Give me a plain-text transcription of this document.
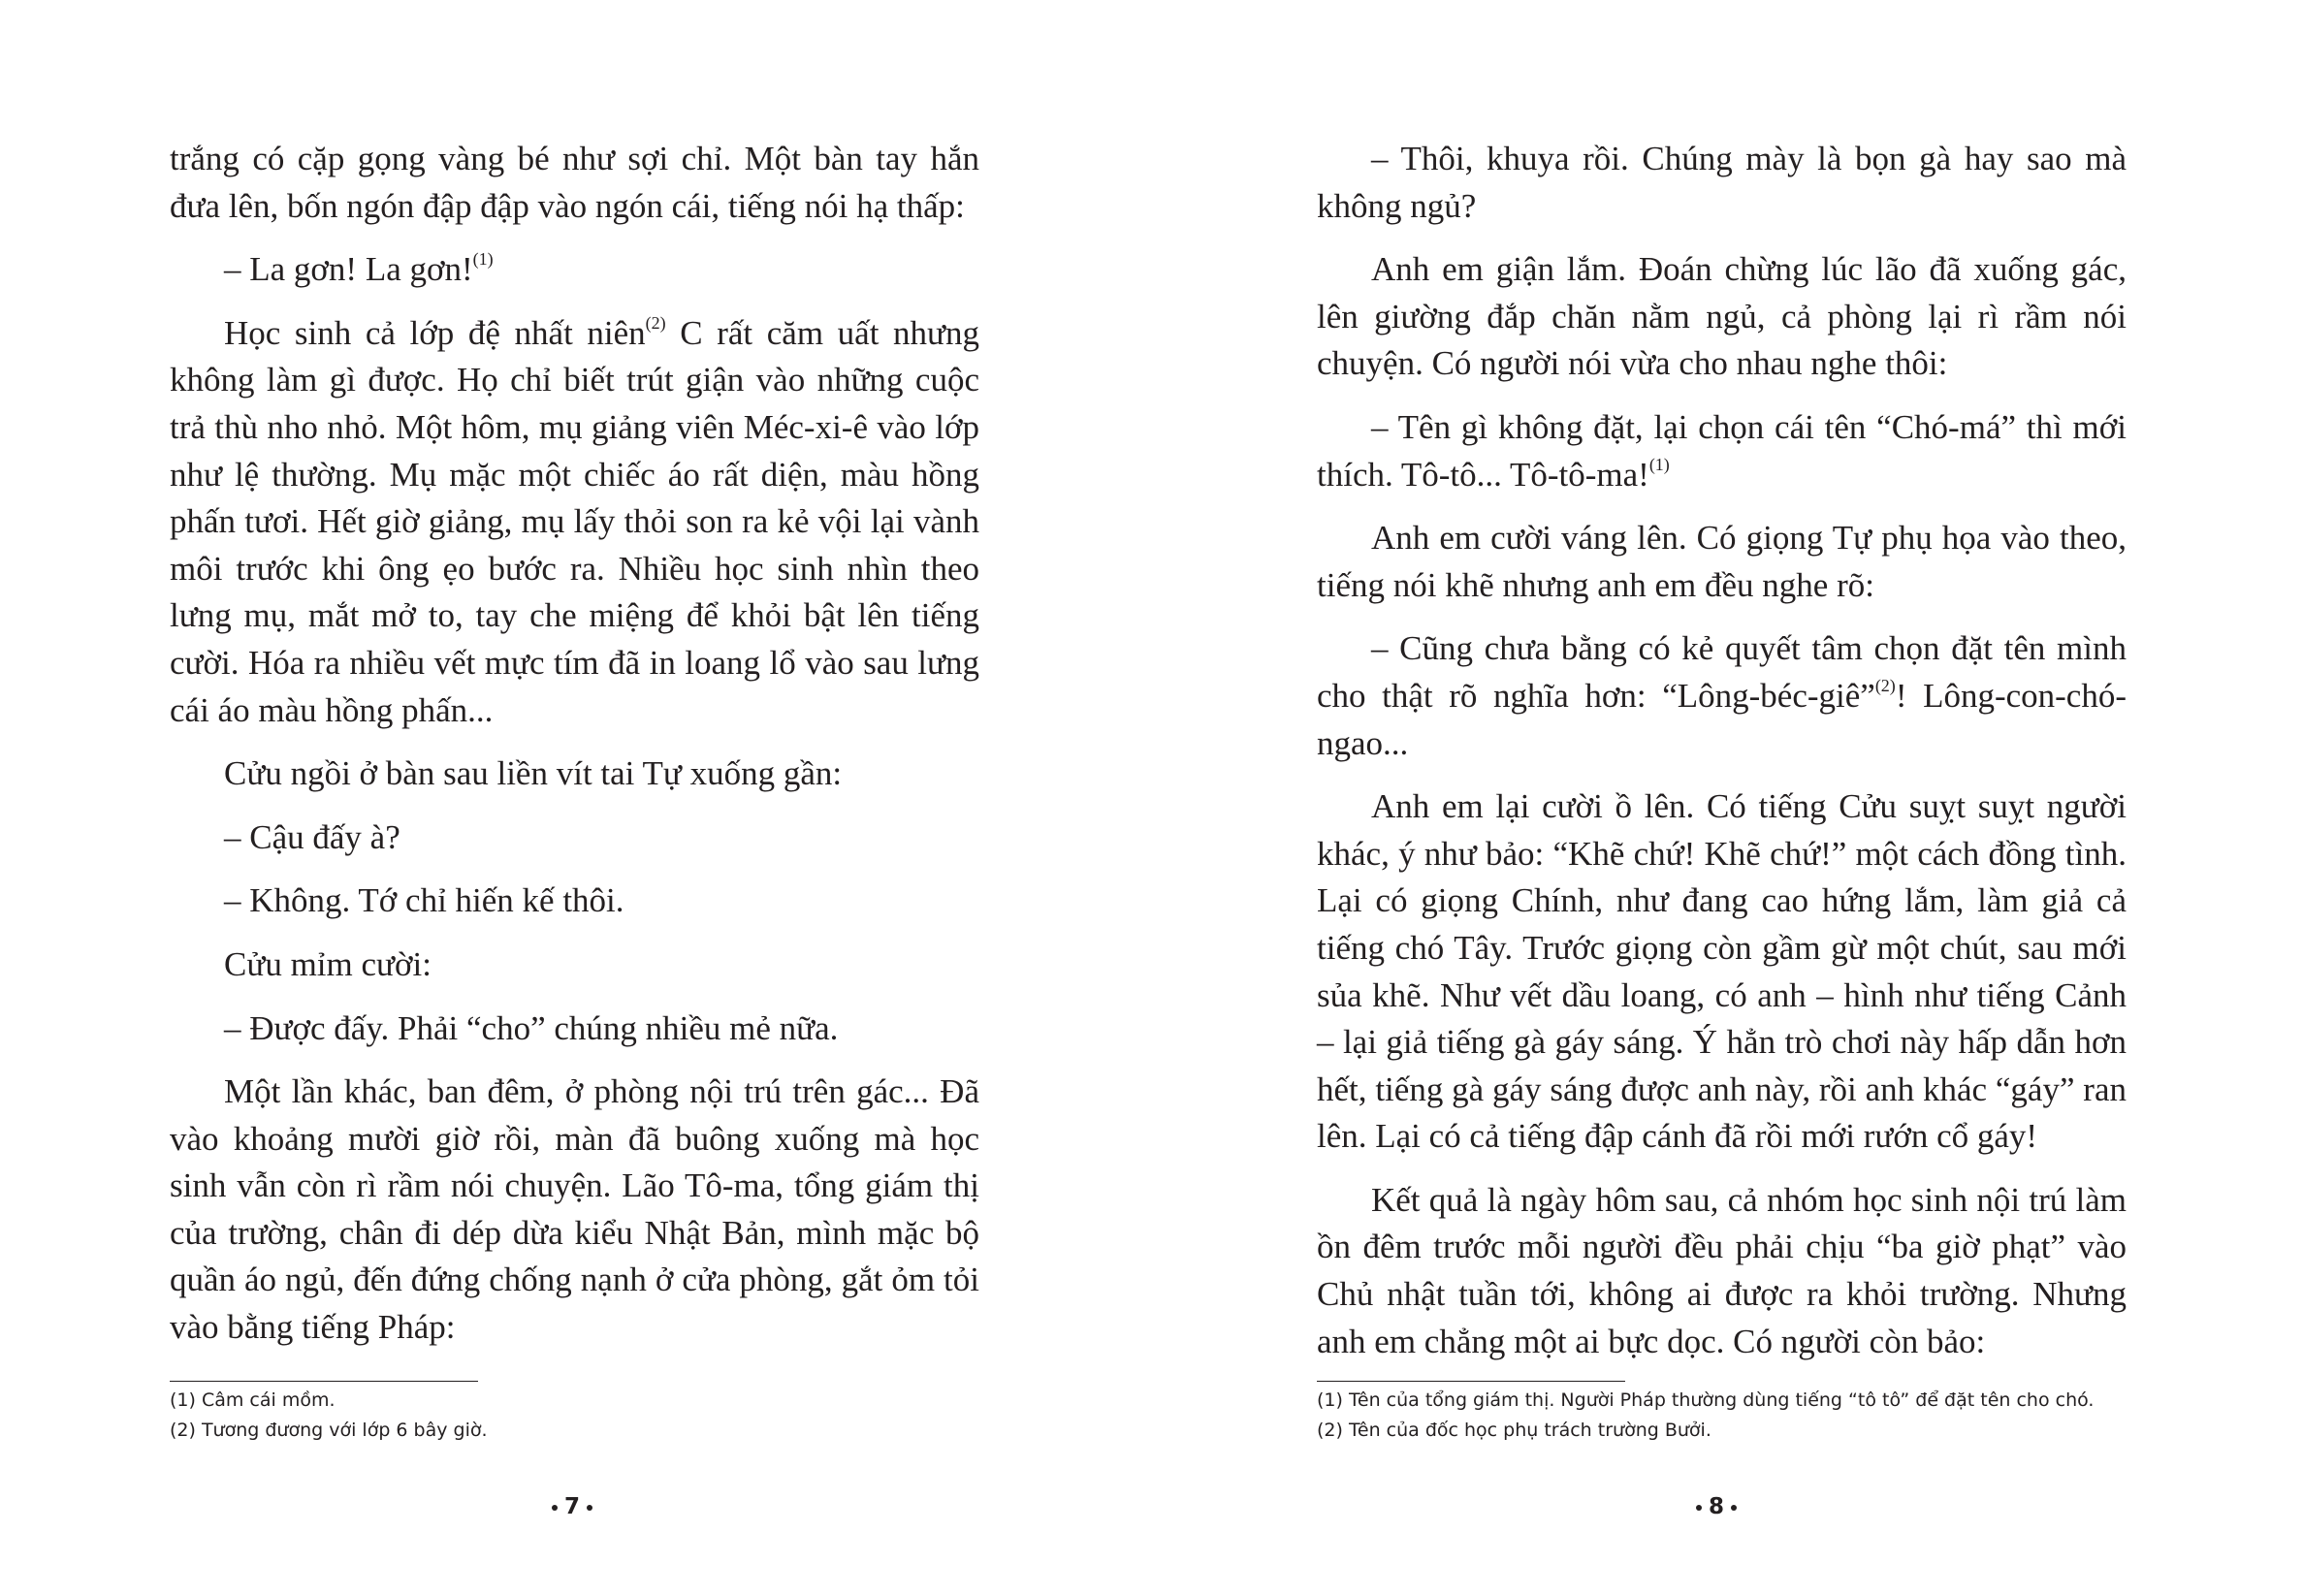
trắng có cặp gọng vàng bé như sợi chỉ. Một bàn tay hắn đưa lên, bốn ngón đập đập vào ngón cái, tiếng nói hạ thấp:

– La gơn! La gơn!$^{(1)}$

Học sinh cả lớp đệ nhất niên$^{(2)}$ C rất căm uất nhưng không làm gì được. Họ chỉ biết trút giận vào những cuộc trả thù nho nhỏ. Một hôm, mụ giảng viên Méc-xi-ê vào lớp như lệ thường. Mụ mặc một chiếc áo rất diện, màu hồng phấn tươi. Hết giờ giảng, mụ lấy thỏi son ra kẻ vội lại vành môi trước khi ông ẹo bước ra. Nhiều học sinh nhìn theo lưng mụ, mắt mở to, tay che miệng để khỏi bật lên tiếng cười. Hóa ra nhiều vết mực tím đã in loang lổ vào sau lưng cái áo màu hồng phấn...

Cửu ngồi ở bàn sau liền vít tai Tự xuống gần:

– Cậu đấy à?

– Không. Tớ chỉ hiến kế thôi.

Cửu mỉm cười:

– Được đấy. Phải “cho” chúng nhiều mẻ nữa.

Một lần khác, ban đêm, ở phòng nội trú trên gác... Đã vào khoảng mười giờ rồi, màn đã buông xuống mà học sinh vẫn còn rì rầm nói chuyện. Lão Tô-ma, tổng giám thị của trường, chân đi dép dừa kiểu Nhật Bản, mình mặc bộ quần áo ngủ, đến đứng chống nạnh ở cửa phòng, gắt ỏm tỏi vào bằng tiếng Pháp:

(1) Câm cái mồm.
(2) Tương đương với lớp 6 bây giờ.
7

– Thôi, khuya rồi. Chúng mày là bọn gà hay sao mà không ngủ?

Anh em giận lắm. Đoán chừng lúc lão đã xuống gác, lên giường đắp chăn nằm ngủ, cả phòng lại rì rầm nói chuyện. Có người nói vừa cho nhau nghe thôi:

– Tên gì không đặt, lại chọn cái tên “Chó-má” thì mới thích. Tô-tô... Tô-tô-ma!$^{(1)}$

Anh em cười váng lên. Có giọng Tự phụ họa vào theo, tiếng nói khẽ nhưng anh em đều nghe rõ:

– Cũng chưa bằng có kẻ quyết tâm chọn đặt tên mình cho thật rõ nghĩa hơn: “Lông-béc-giê”$^{(2)}$! Lông-con-chó-ngao...

Anh em lại cười ồ lên. Có tiếng Cửu suỵt suỵt người khác, ý như bảo: “Khẽ chứ! Khẽ chứ!” một cách đồng tình. Lại có giọng Chính, như đang cao hứng lắm, làm giả cả tiếng chó Tây. Trước giọng còn gầm gừ một chút, sau mới sủa khẽ. Như vết dầu loang, có anh – hình như tiếng Cảnh – lại giả tiếng gà gáy sáng. Ý hẳn trò chơi này hấp dẫn hơn hết, tiếng gà gáy sáng được anh này, rồi anh khác “gáy” ran lên. Lại có cả tiếng đập cánh đã rồi mới rướn cổ gáy!

Kết quả là ngày hôm sau, cả nhóm học sinh nội trú làm ồn đêm trước mỗi người đều phải chịu “ba giờ phạt” vào Chủ nhật tuần tới, không ai được ra khỏi trường. Nhưng anh em chẳng một ai bực dọc. Có người còn bảo:

(1) Tên của tổng giám thị. Người Pháp thường dùng tiếng “tô tô” để đặt tên cho chó.
(2) Tên của đốc học phụ trách trường Bưởi.
8
